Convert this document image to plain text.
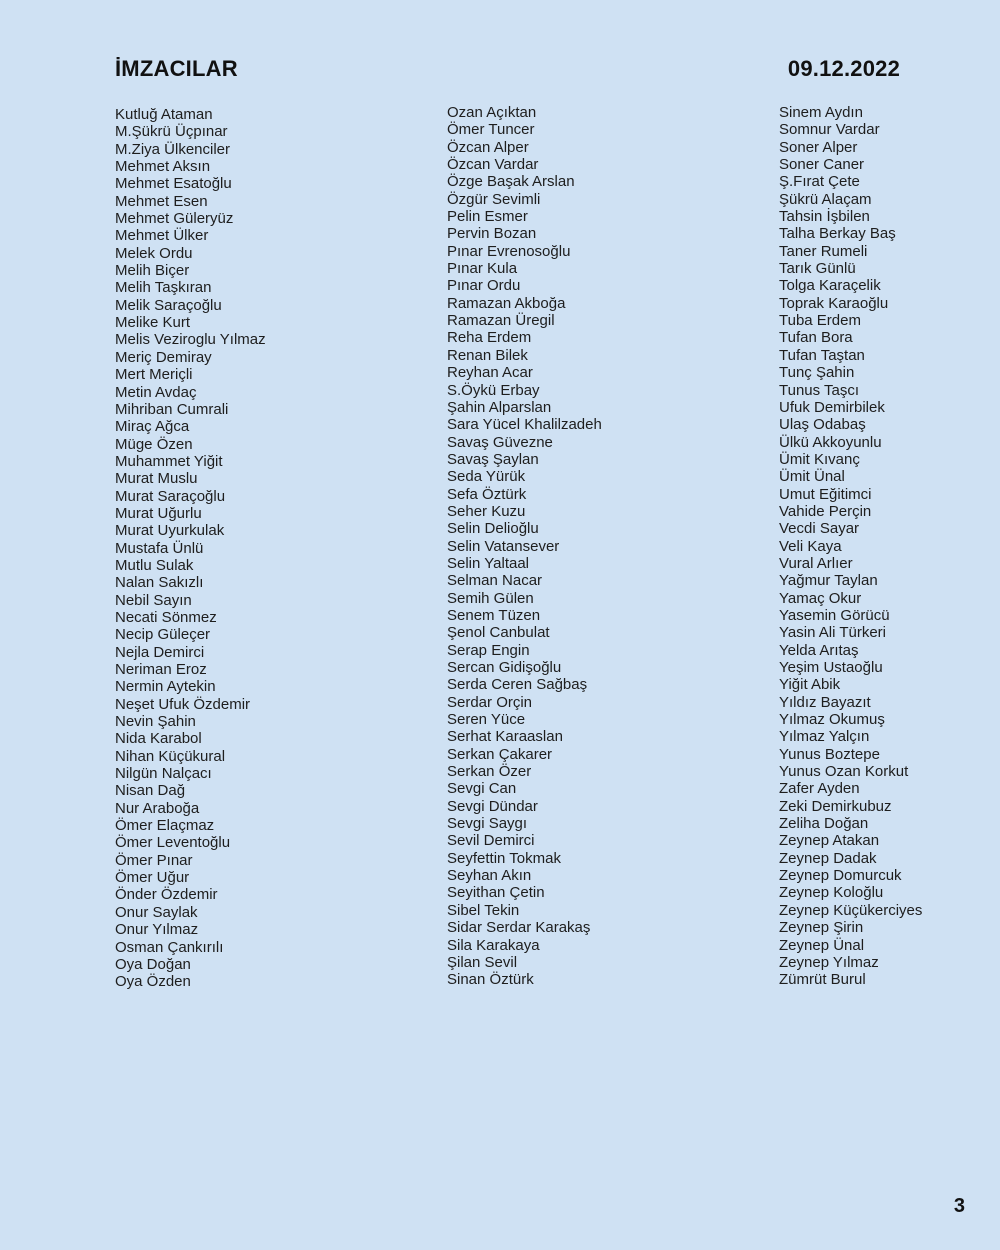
İMZACILAR	09.12.2022
Kutluğ Ataman
M.Şükrü Üçpınar
M.Ziya Ülkenciler
Mehmet Aksın
Mehmet Esatoğlu
Mehmet Esen
Mehmet Güleryüz
Mehmet Ülker
Melek Ordu
Melih Biçer
Melih Taşkıran
Melik Saraçoğlu
Melike Kurt
Melis Veziroglu Yılmaz
Meriç Demiray
Mert Meriçli
Metin Avdaç
Mihriban Cumrali
Miraç Ağca
Müge Özen
Muhammet Yiğit
Murat Muslu
Murat Saraçoğlu
Murat Uğurlu
Murat Uyurkulak
Mustafa Ünlü
Mutlu Sulak
Nalan Sakızlı
Nebil Sayın
Necati Sönmez
Necip Güleçer
Nejla Demirci
Neriman Eroz
Nermin Aytekin
Neşet Ufuk Özdemir
Nevin Şahin
Nida Karabol
Nihan Küçükural
Nilgün Nalçacı
Nisan Dağ
Nur Araboğa
Ömer Elaçmaz
Ömer Leventoğlu
Ömer Pınar
Ömer Uğur
Önder Özdemir
Onur Saylak
Onur Yılmaz
Osman Çankırılı
Oya Doğan
Oya Özden
Ozan Açıktan
Ömer Tuncer
Özcan Alper
Özcan Vardar
Özge Başak Arslan
Özgür Sevimli
Pelin Esmer
Pervin Bozan
Pınar Evrenosoğlu
Pınar Kula
Pınar Ordu
Ramazan Akboğa
Ramazan Üregil
Reha Erdem
Renan Bilek
Reyhan Acar
S.Öykü Erbay
Şahin Alparslan
Sara Yücel Khalilzadeh
Savaş Güvezne
Savaş Şaylan
Seda Yürük
Sefa Öztürk
Seher Kuzu
Selin Delioğlu
Selin Vatansever
Selin Yaltaal
Selman Nacar
Semih Gülen
Senem Tüzen
Şenol Canbulat
Serap Engin
Sercan Gidişoğlu
Serda Ceren Sağbaş
Serdar Orçin
Seren Yüce
Serhat Karaaslan
Serkan Çakarer
Serkan Özer
Sevgi Can
Sevgi Dündar
Sevgi Saygı
Sevil Demirci
Seyfettin Tokmak
Seyhan Akın
Seyithan Çetin
Sibel Tekin
Sidar Serdar Karakaş
Sila Karakaya
Şilan Sevil
Sinan Öztürk
Sinem Aydın
Somnur Vardar
Soner Alper
Soner Caner
Ş.Fırat Çete
Şükrü Alaçam
Tahsin İşbilen
Talha Berkay Baş
Taner Rumeli
Tarık Günlü
Tolga Karaçelik
Toprak Karaoğlu
Tuba Erdem
Tufan Bora
Tufan Taştan
Tunç Şahin
Tunus Taşcı
Ufuk Demirbilek
Ulaş Odabaş
Ülkü Akkoyunlu
Ümit Kıvanç
Ümit Ünal
Umut Eğitimci
Vahide Perçin
Vecdi Sayar
Veli Kaya
Vural Arlıer
Yağmur Taylan
Yamaç Okur
Yasemin Görücü
Yasin Ali Türkeri
Yelda Arıtaş
Yeşim Ustaoğlu
Yiğit Abik
Yıldız Bayazıt
Yılmaz Okumuş
Yılmaz Yalçın
Yunus Boztepe
Yunus Ozan Korkut
Zafer Ayden
Zeki Demirkubuz
Zeliha Doğan
Zeynep Atakan
Zeynep Dadak
Zeynep Domurcuk
Zeynep Koloğlu
Zeynep Küçükerciyes
Zeynep Şirin
Zeynep Ünal
Zeynep Yılmaz
Zümrüt Burul
3
